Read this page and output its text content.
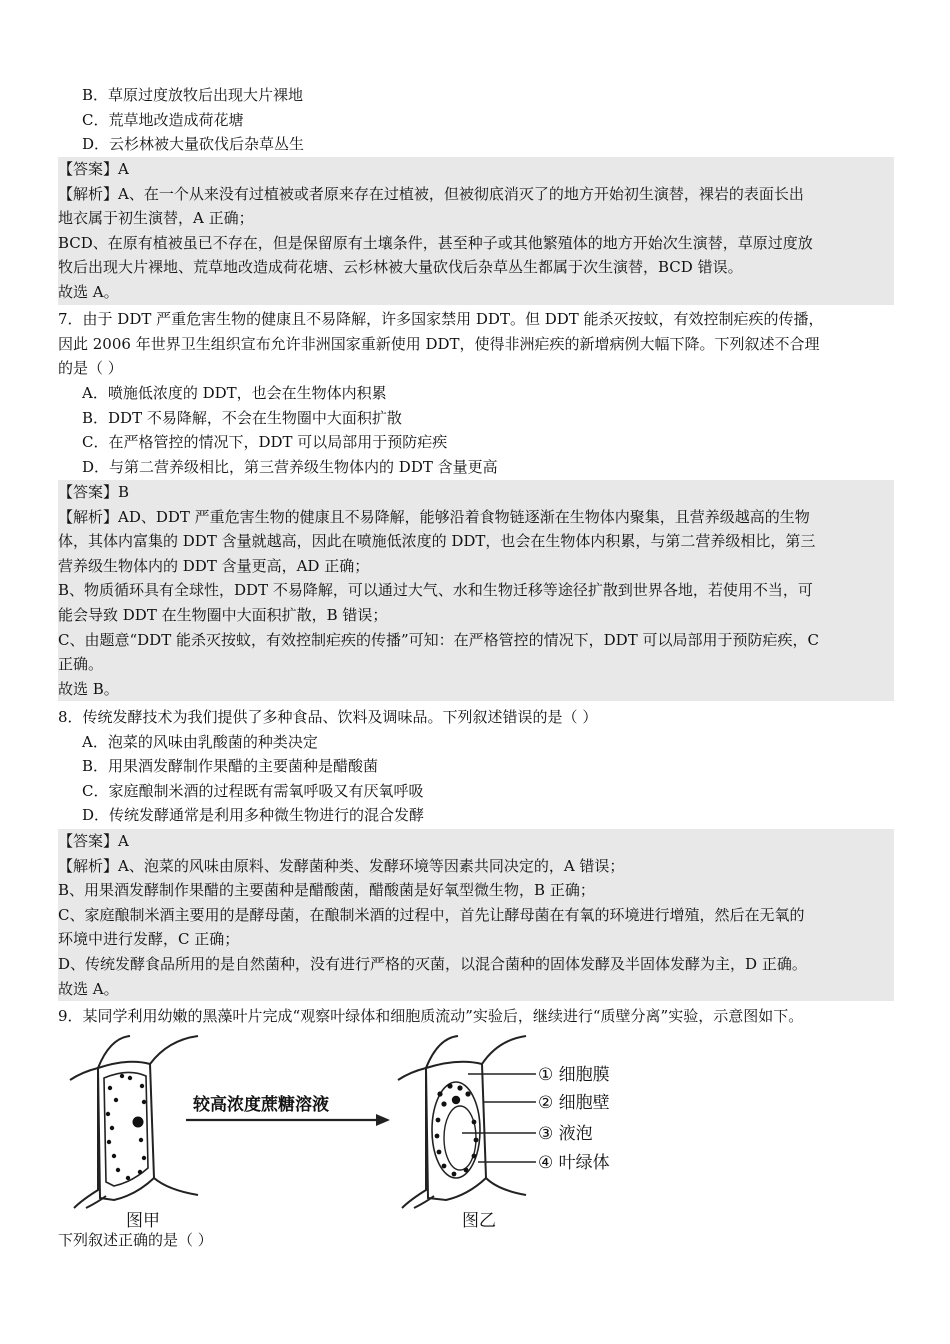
B．草原过度放牧后出现大片裸地
C．荒草地改造成荷花塘
D．云杉林被大量砍伐后杂草丛生
【答案】A
【解析】A、在一个从来没有过植被或者原来存在过植被，但被彻底消灭了的地方开始初生演替，裸岩的表面长出
地衣属于初生演替，A 正确；
BCD、在原有植被虽已不存在，但是保留原有土壤条件，甚至种子或其他繁殖体的地方开始次生演替，草原过度放
牧后出现大片裸地、荒草地改造成荷花塘、云杉林被大量砍伐后杂草丛生都属于次生演替，BCD 错误。
故选 A。
7．由于 DDT 严重危害生物的健康且不易降解，许多国家禁用 DDT。但 DDT 能杀灭按蚊，有效控制疟疾的传播，
因此 2006 年世界卫生组织宣布允许非洲国家重新使用 DDT，使得非洲疟疾的新增病例大幅下降。下列叙述不合理
的是（ ）
A．喷施低浓度的 DDT，也会在生物体内积累
B．DDT 不易降解，不会在生物圈中大面积扩散
C．在严格管控的情况下，DDT 可以局部用于预防疟疾
D．与第二营养级相比，第三营养级生物体内的 DDT 含量更高
【答案】B
【解析】AD、DDT 严重危害生物的健康且不易降解，能够沿着食物链逐渐在生物体内聚集，且营养级越高的生物
体，其体内富集的 DDT 含量就越高，因此在喷施低浓度的 DDT，也会在生物体内积累，与第二营养级相比，第三
营养级生物体内的 DDT 含量更高，AD 正确；
B、物质循环具有全球性，DDT 不易降解，可以通过大气、水和生物迁移等途径扩散到世界各地，若使用不当，可
能会导致 DDT 在生物圈中大面积扩散，B 错误；
C、由题意“DDT 能杀灭按蚊，有效控制疟疾的传播”可知：在严格管控的情况下，DDT 可以局部用于预防疟疾，C
正确。
故选 B。
8．传统发酵技术为我们提供了多种食品、饮料及调味品。下列叙述错误的是（ ）
A．泡菜的风味由乳酸菌的种类决定
B．用果酒发酵制作果醋的主要菌种是醋酸菌
C．家庭酿制米酒的过程既有需氧呼吸又有厌氧呼吸
D．传统发酵通常是利用多种微生物进行的混合发酵
【答案】A
【解析】A、泡菜的风味由原料、发酵菌种类、发酵环境等因素共同决定的，A 错误；
B、用果酒发酵制作果醋的主要菌种是醋酸菌，醋酸菌是好氧型微生物，B 正确；
C、家庭酿制米酒主要用的是酵母菌，在酿制米酒的过程中，首先让酵母菌在有氧的环境进行增殖，然后在无氧的
环境中进行发酵，C 正确；
D、传统发酵食品所用的是自然菌种，没有进行严格的灭菌，以混合菌种的固体发酵及半固体发酵为主，D 正确。
故选 A。
9．某同学利用幼嫩的黑藻叶片完成“观察叶绿体和细胞质流动”实验后，继续进行“质壁分离”实验，示意图如下。
较高浓度蔗糖溶液
① 细胞膜
② 细胞壁
③ 液泡
④ 叶绿体
图甲	图乙
下列叙述正确的是（ ）
